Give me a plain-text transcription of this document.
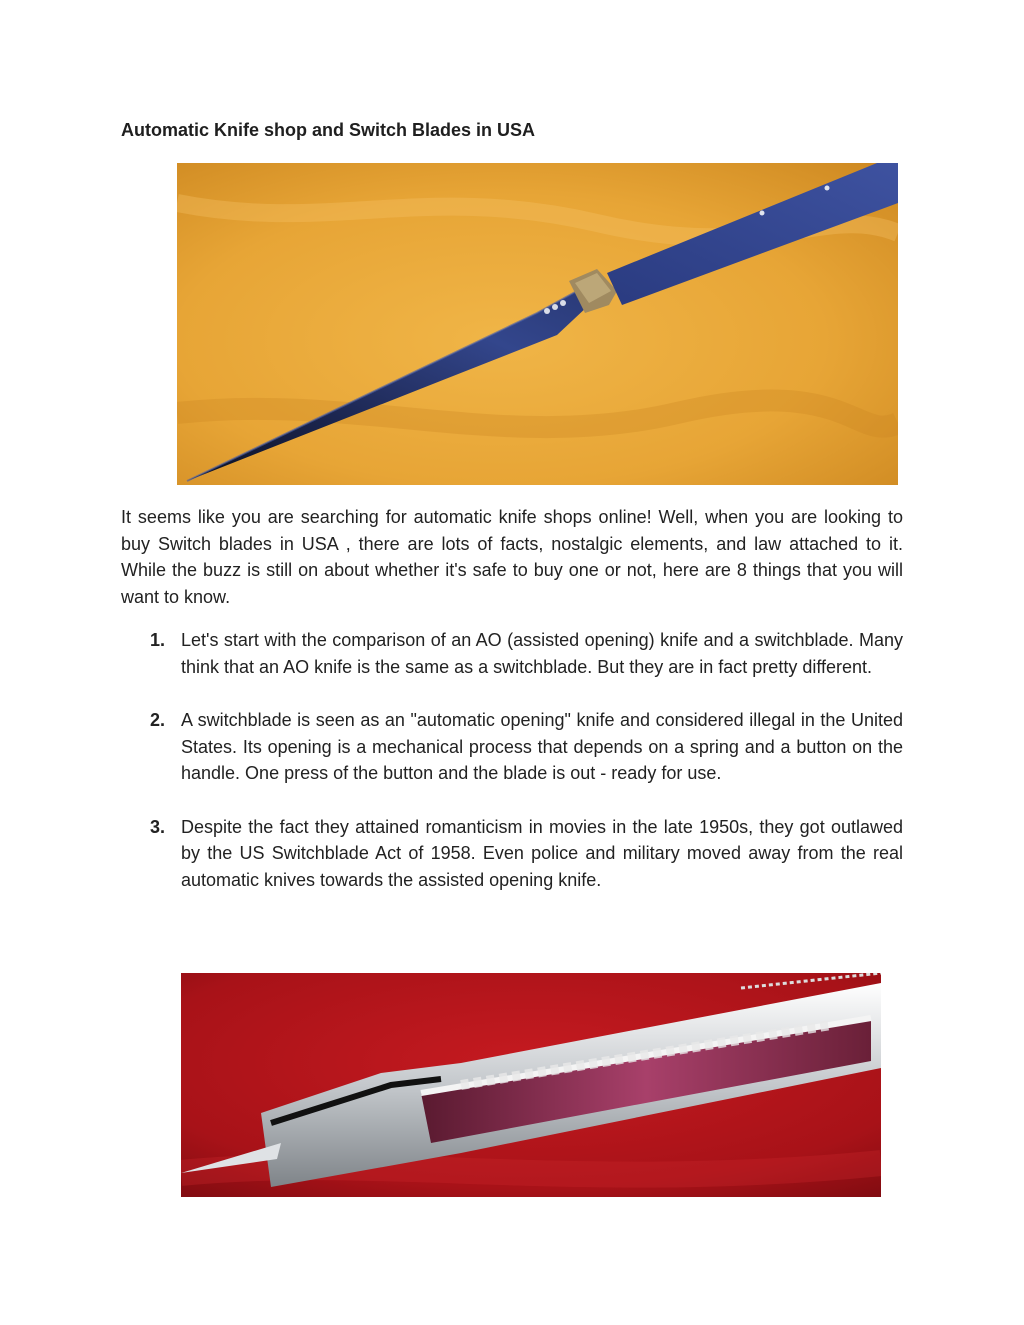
Automatic Knife shop and Switch Blades in USA

It seems like you are searching for automatic knife shops online! Well, when you are looking to buy Switch blades in USA , there are lots of facts, nostalgic elements, and law attached to it. While the buzz is still on about whether it's safe to buy one or not, here are 8 things that you will want to know.

1. Let's start with the comparison of an AO (assisted opening) knife and a switchblade. Many think that an AO knife is the same as a switchblade. But they are in fact pretty different.
2. A switchblade is seen as an "automatic opening" knife and considered illegal in the United States. Its opening is a mechanical process that depends on a spring and a button on the handle. One press of the button and the blade is out - ready for use.
3. Despite the fact they attained romanticism in movies in the late 1950s, they got outlawed by the US Switchblade Act of 1958. Even police and military moved away from the real automatic knives towards the assisted opening knife.
